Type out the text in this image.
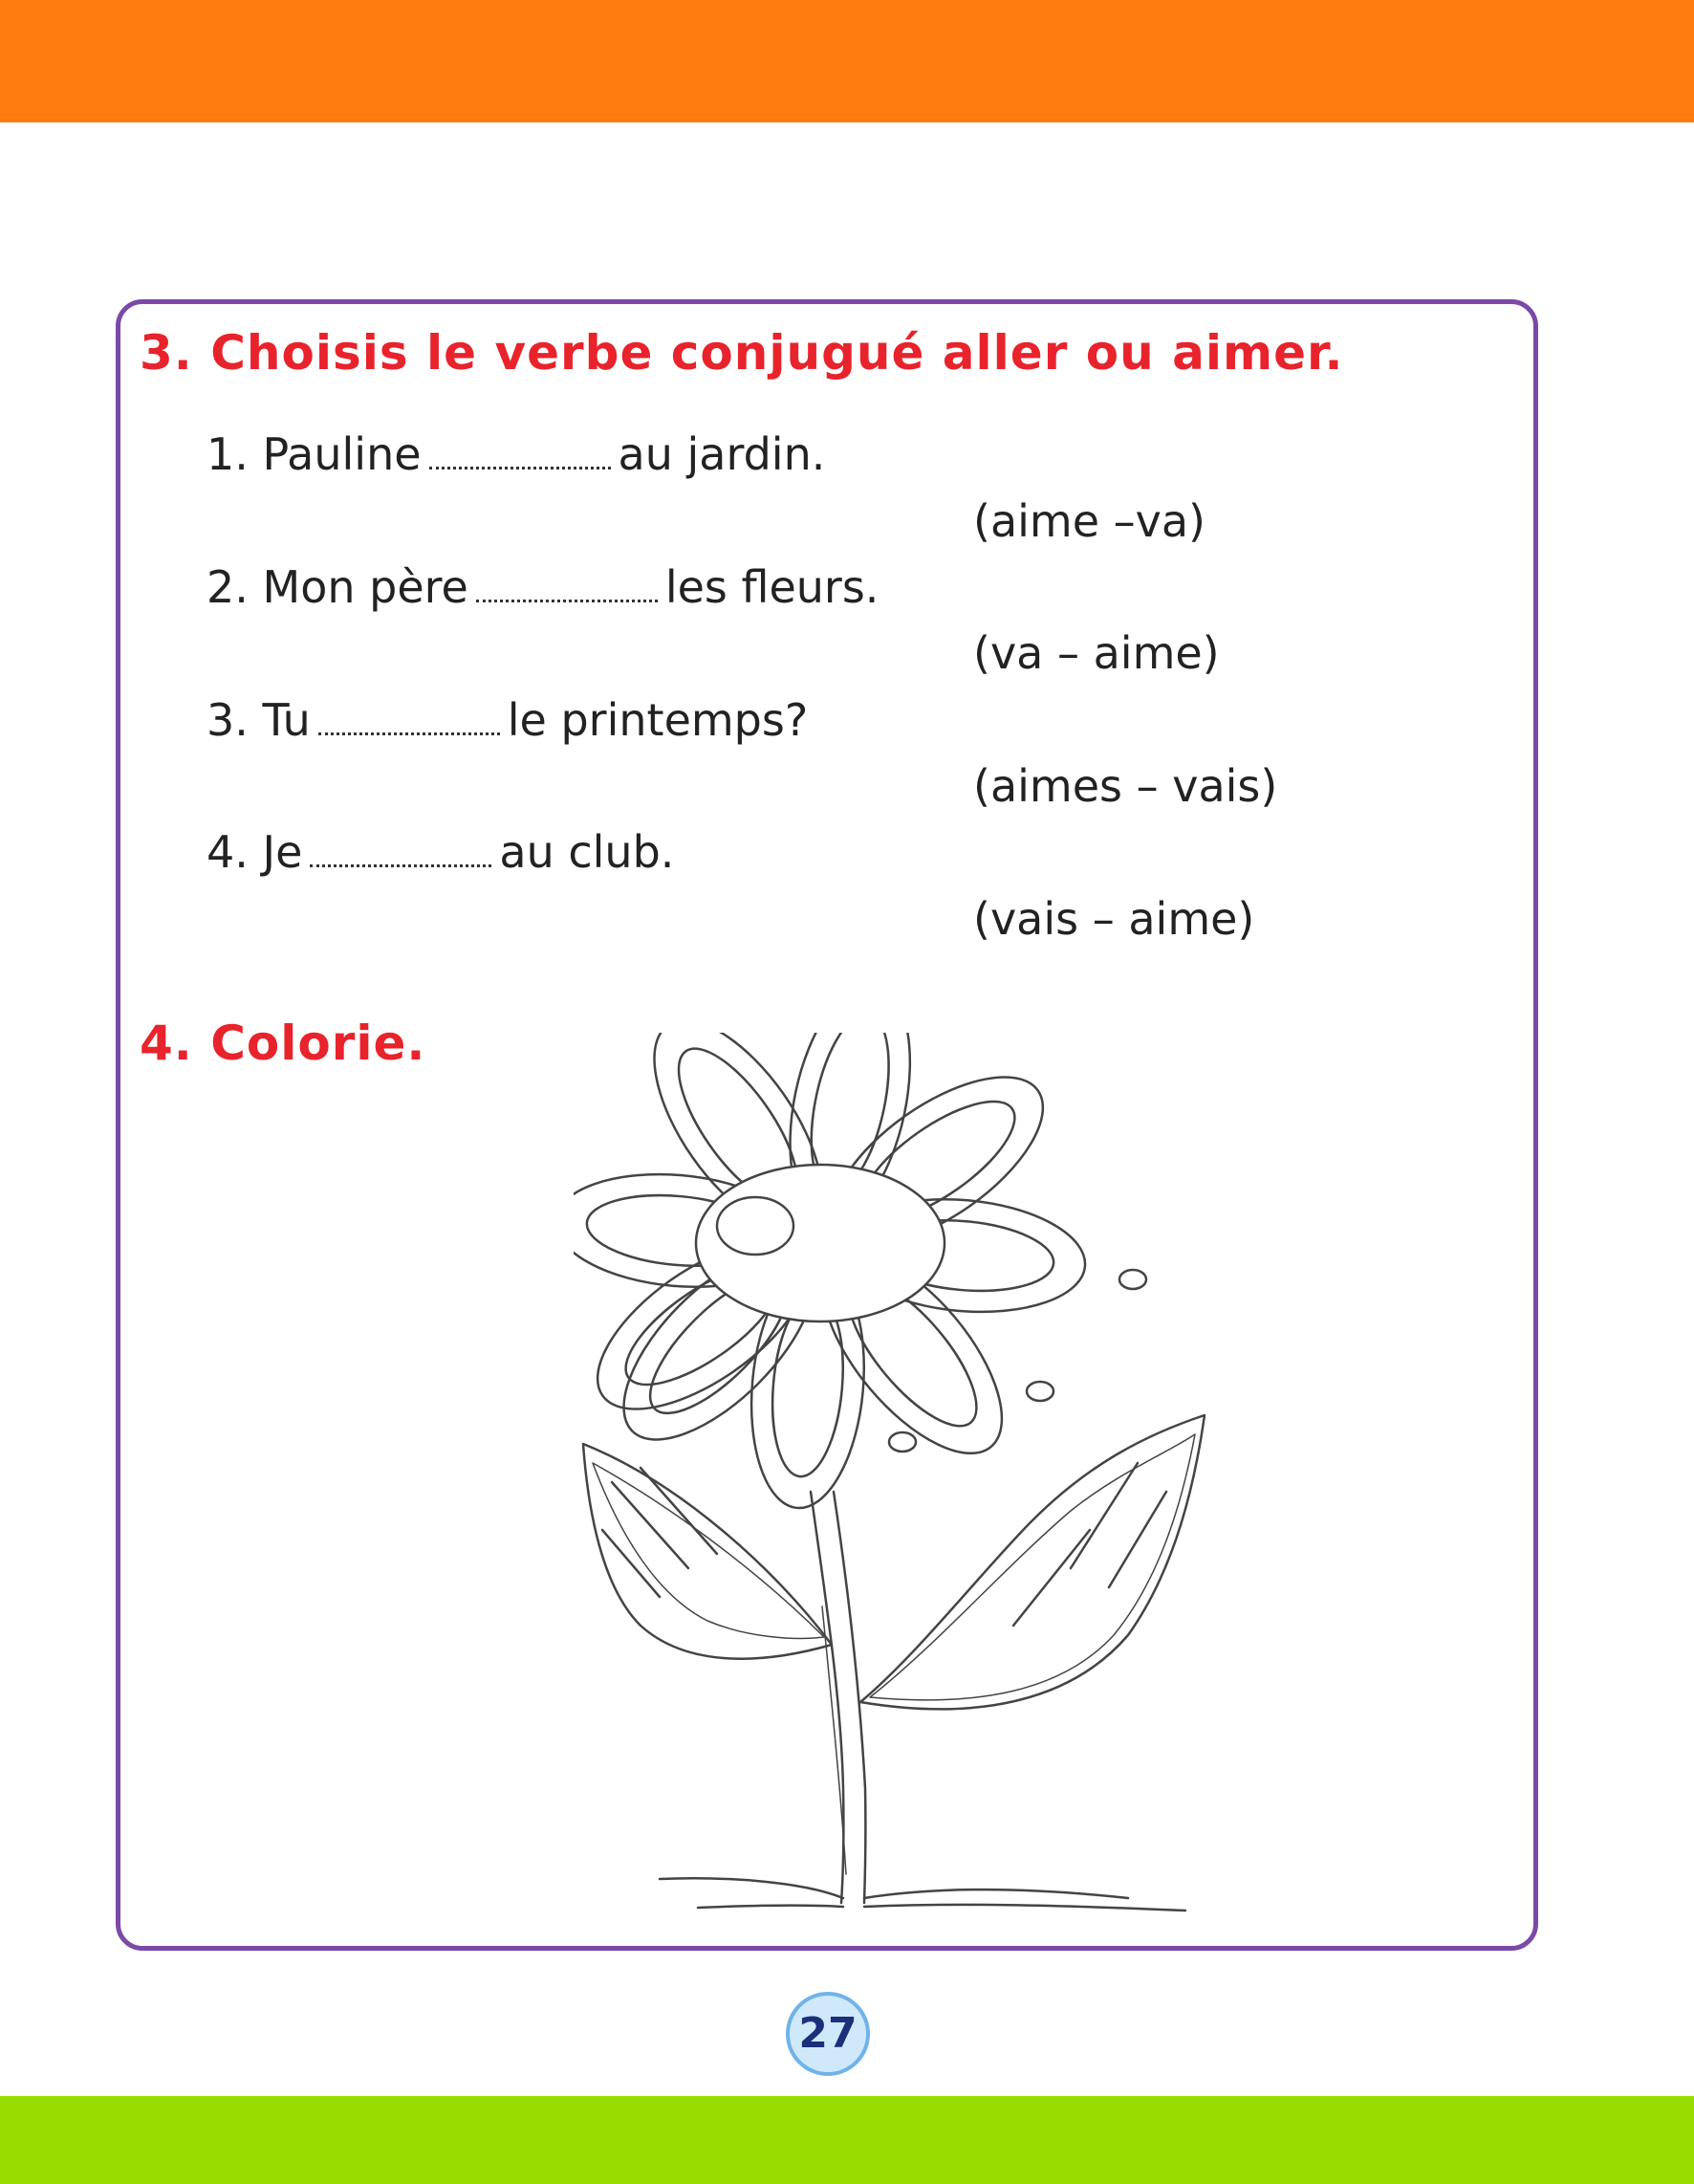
3. Choisis le verbe conjugué aller ou aimer.
1. Pauline	au jardin.
(aime –va)
2. Mon père	les fleurs.
(va – aime)
3. Tu	le printemps?
(aimes – vais)
4. Je	au club.
(vais – aime)
4. Colorie.
27
